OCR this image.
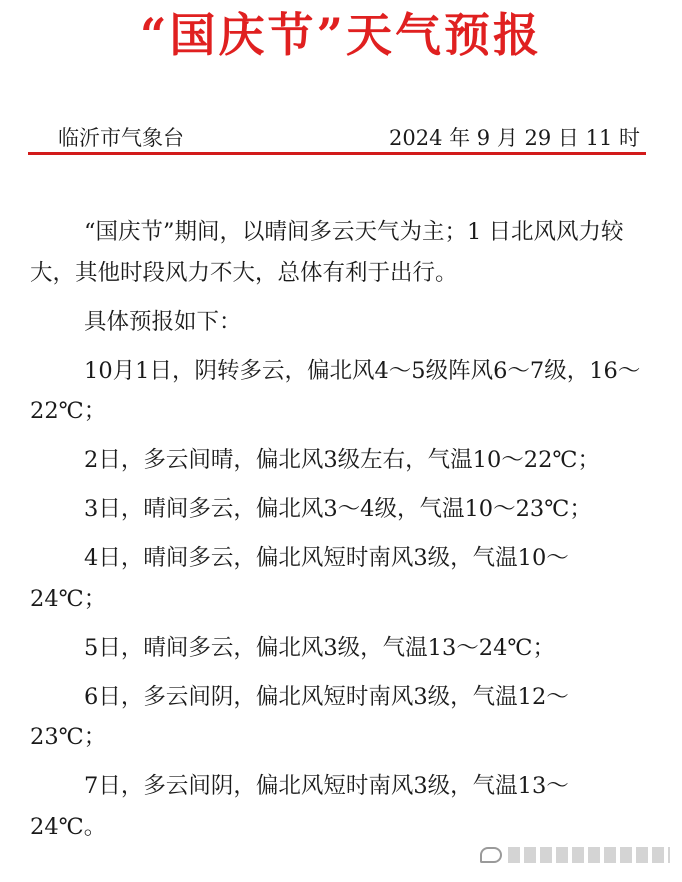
“国庆节”天气预报
临沂市气象台	2024 年 9 月 29 日 11 时

“国庆节”期间，以晴间多云天气为主；1 日北风风力较大，其他时段风力不大，总体有利于出行。

具体预报如下：

10月1日，阴转多云，偏北风4～5级阵风6～7级，16～22℃；

2日，多云间晴，偏北风3级左右，气温10～22℃；

3日，晴间多云，偏北风3～4级，气温10～23℃；

4日，晴间多云，偏北风短时南风3级，气温10～24℃；

5日，晴间多云，偏北风3级，气温13～24℃；

6日，多云间阴，偏北风短时南风3级，气温12～23℃；

7日，多云间阴，偏北风短时南风3级，气温13～24℃。
